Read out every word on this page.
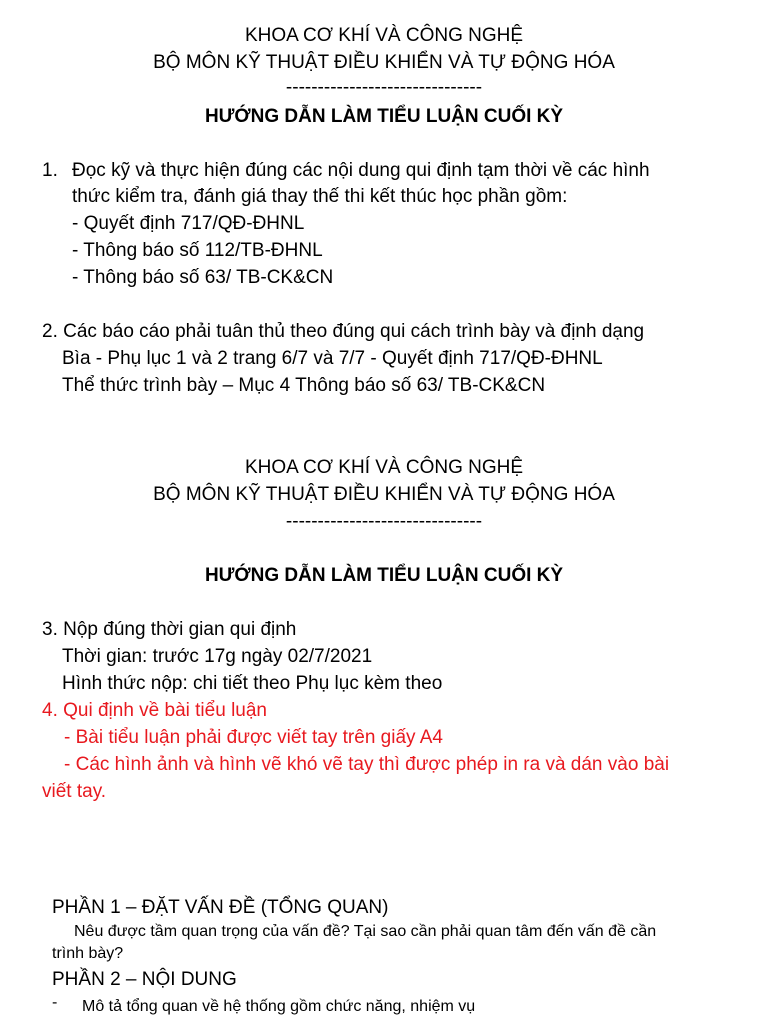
KHOA CƠ KHÍ VÀ CÔNG NGHỆ
BỘ MÔN KỸ THUẬT ĐIỀU KHIỂN VÀ TỰ ĐỘNG HÓA
-------------------------------
HƯỚNG DẪN LÀM TIỂU LUẬN CUỐI KỲ
1. Đọc kỹ và thực hiện đúng các nội dung qui định tạm thời về các hình
thức kiểm tra, đánh giá thay thế thi kết thúc học phần gồm:
- Quyết định 717/QĐ-ĐHNL
- Thông báo số 112/TB-ĐHNL
- Thông báo số 63/ TB-CK&CN
2. Các báo cáo phải tuân thủ theo đúng qui cách trình bày và định dạng
Bìa - Phụ lục 1 và 2 trang 6/7 và 7/7 - Quyết định 717/QĐ-ĐHNL
Thể thức trình bày – Mục 4 Thông báo số 63/ TB-CK&CN
KHOA CƠ KHÍ VÀ CÔNG NGHỆ
BỘ MÔN KỸ THUẬT ĐIỀU KHIỂN VÀ TỰ ĐỘNG HÓA
-------------------------------
HƯỚNG DẪN LÀM TIỂU LUẬN CUỐI KỲ
3. Nộp đúng thời gian qui định
Thời gian: trước 17g ngày 02/7/2021
Hình thức nộp: chi tiết theo Phụ lục kèm theo
4. Qui định về bài tiểu luận
- Bài tiểu luận phải được viết tay trên giấy A4
- Các hình ảnh và hình vẽ khó vẽ tay thì được phép in ra và dán vào bài
viết tay.
PHẦN 1 – ĐẶT VẤN ĐỀ (TỔNG QUAN)
Nêu được tầm quan trọng của vấn đề? Tại sao cần phải quan tâm đến vấn đề cần
trình bày?
PHẦN 2 – NỘI DUNG
- Mô tả tổng quan về hệ thống gồm chức năng, nhiệm vụ
